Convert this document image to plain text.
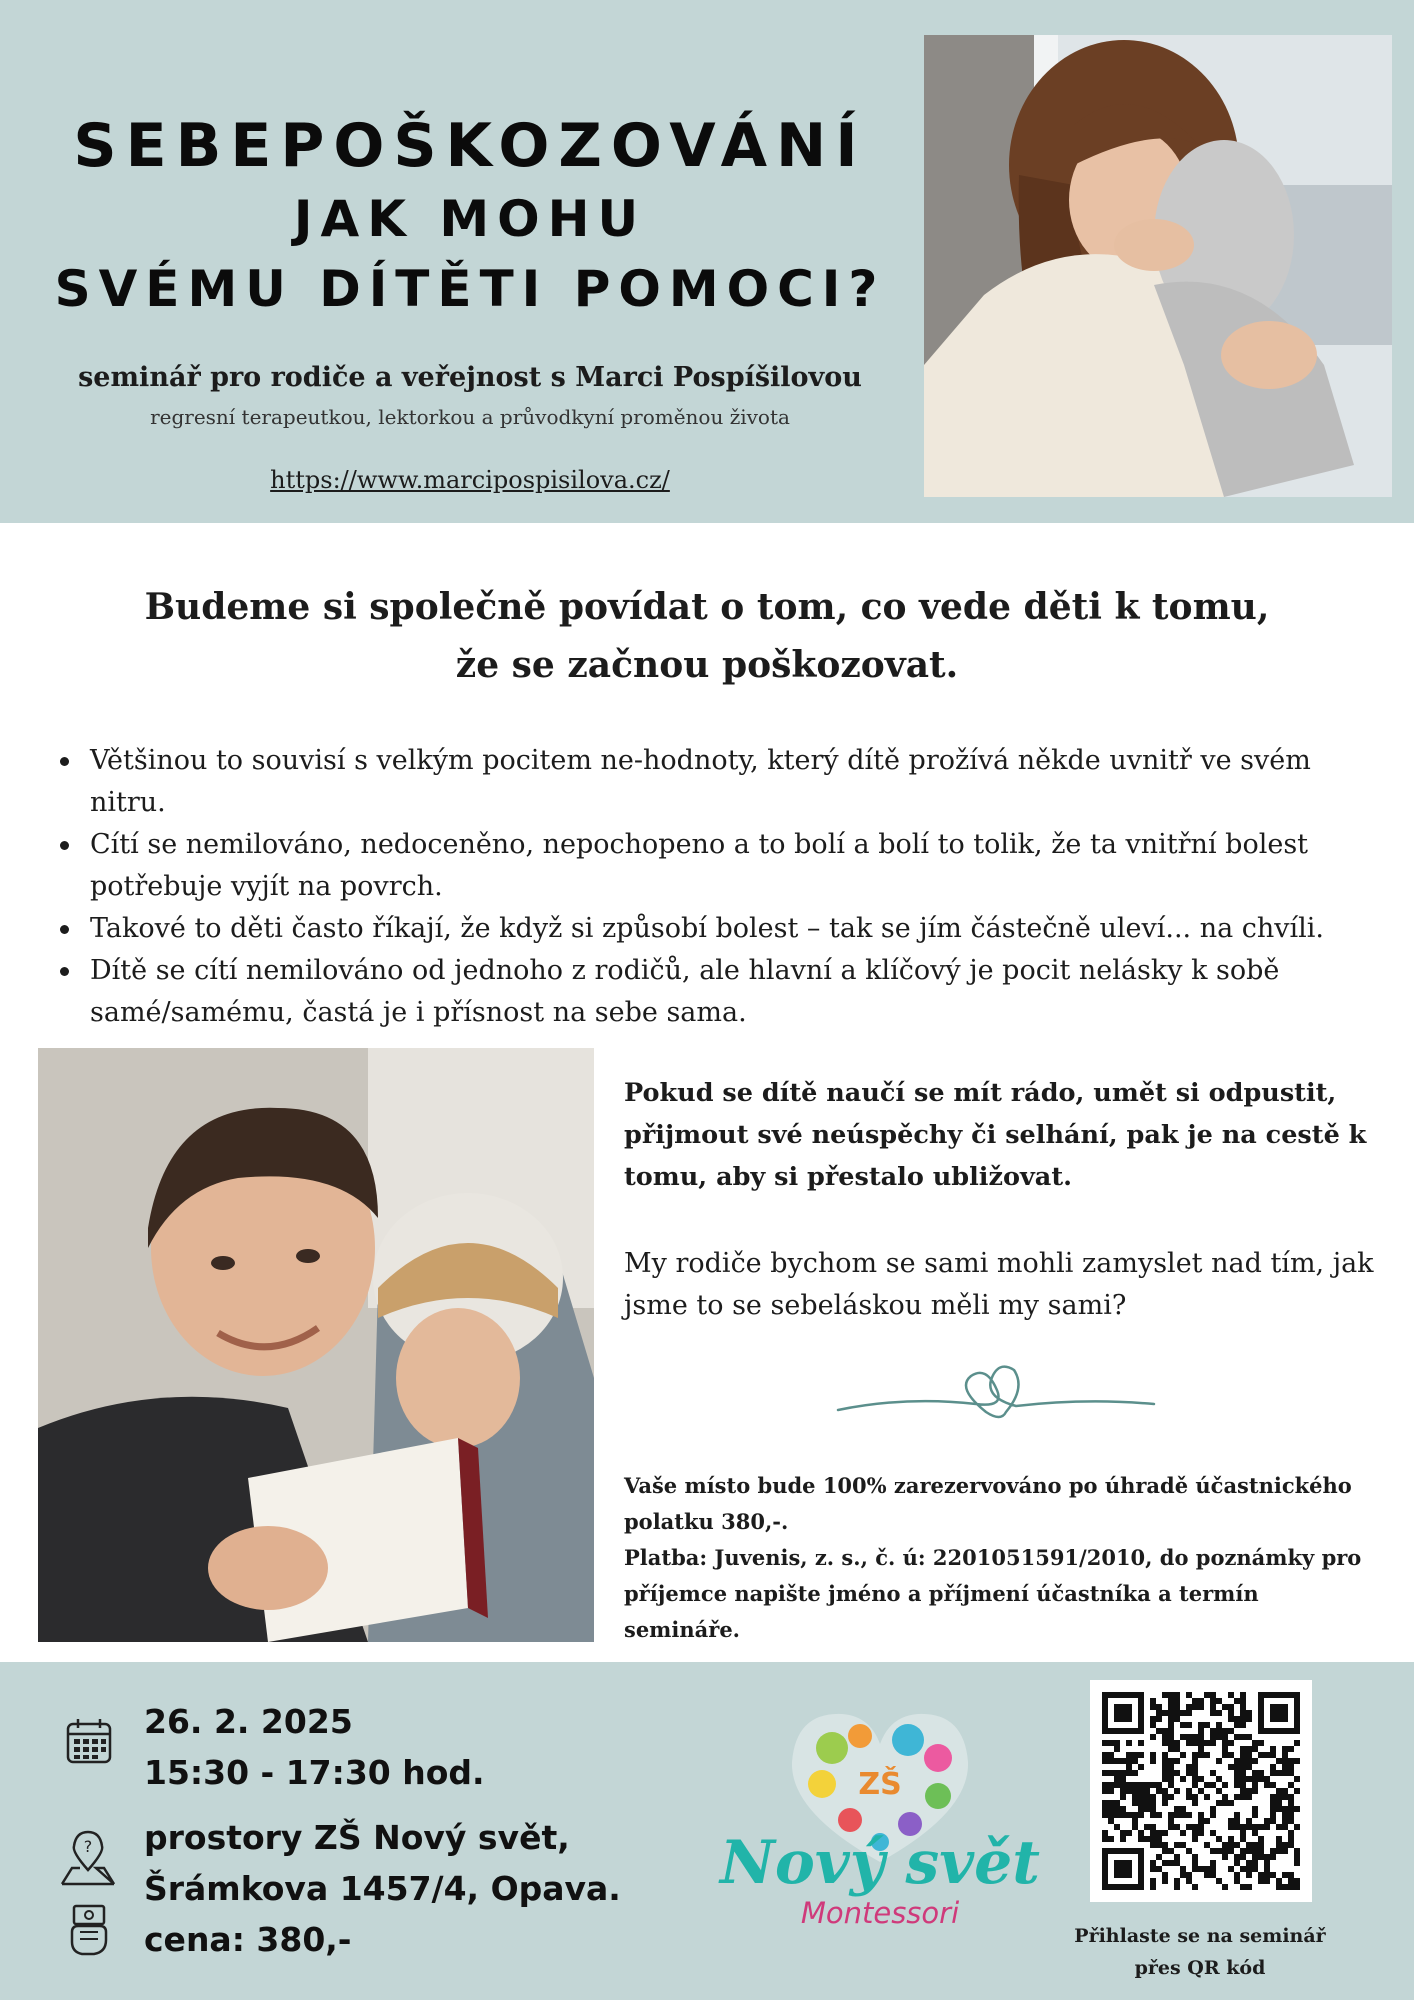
SEBEPOŠKOZOVÁNÍ
JAK MOHU
SVÉMU DÍTĚTI POMOCI?
seminář pro rodiče a veřejnost s Marci Pospíšilovou
regresní terapeutkou, lektorkou a průvodkyní proměnou života
https://www.marcipospisilova.cz/
Budeme si společně povídat o tom, co vede děti k tomu,
že se začnou poškozovat.
Většinou to souvisí s velkým pocitem ne-hodnoty, který dítě prožívá někde uvnitř ve svém nitru.
Cítí se nemilováno, nedoceněno, nepochopeno a to bolí a bolí to tolik, že ta vnitřní bolest potřebuje vyjít na povrch.
Takové to děti často říkají, že když si způsobí bolest – tak se jím částečně uleví... na chvíli.
Dítě se cítí nemilováno od jednoho z rodičů, ale hlavní a klíčový je pocit nelásky k sobě samé/samému, častá je i přísnost na sebe sama.
Pokud se dítě naučí se mít rádo, umět si odpustit, přijmout své neúspěchy či selhání, pak je na cestě k tomu, aby si přestalo ubližovat.
My rodiče bychom se sami mohli zamyslet nad tím, jak jsme to se sebeláskou měli my sami?
Vaše místo bude 100% zarezervováno po úhradě účastnického polatku 380,-.
Platba: Juvenis, z. s., č. ú: 2201051591/2010, do poznámky pro příjemce napište jméno a příjmení účastníka a termín semináře.
26. 2. 2025
15:30 - 17:30 hod.
? prostory ZŠ Nový svět,
Šrámkova 1457/4, Opava.
cena: 380,-
ZŠ
Nový svět
Montessori
Přihlaste se na seminář
přes QR kód
